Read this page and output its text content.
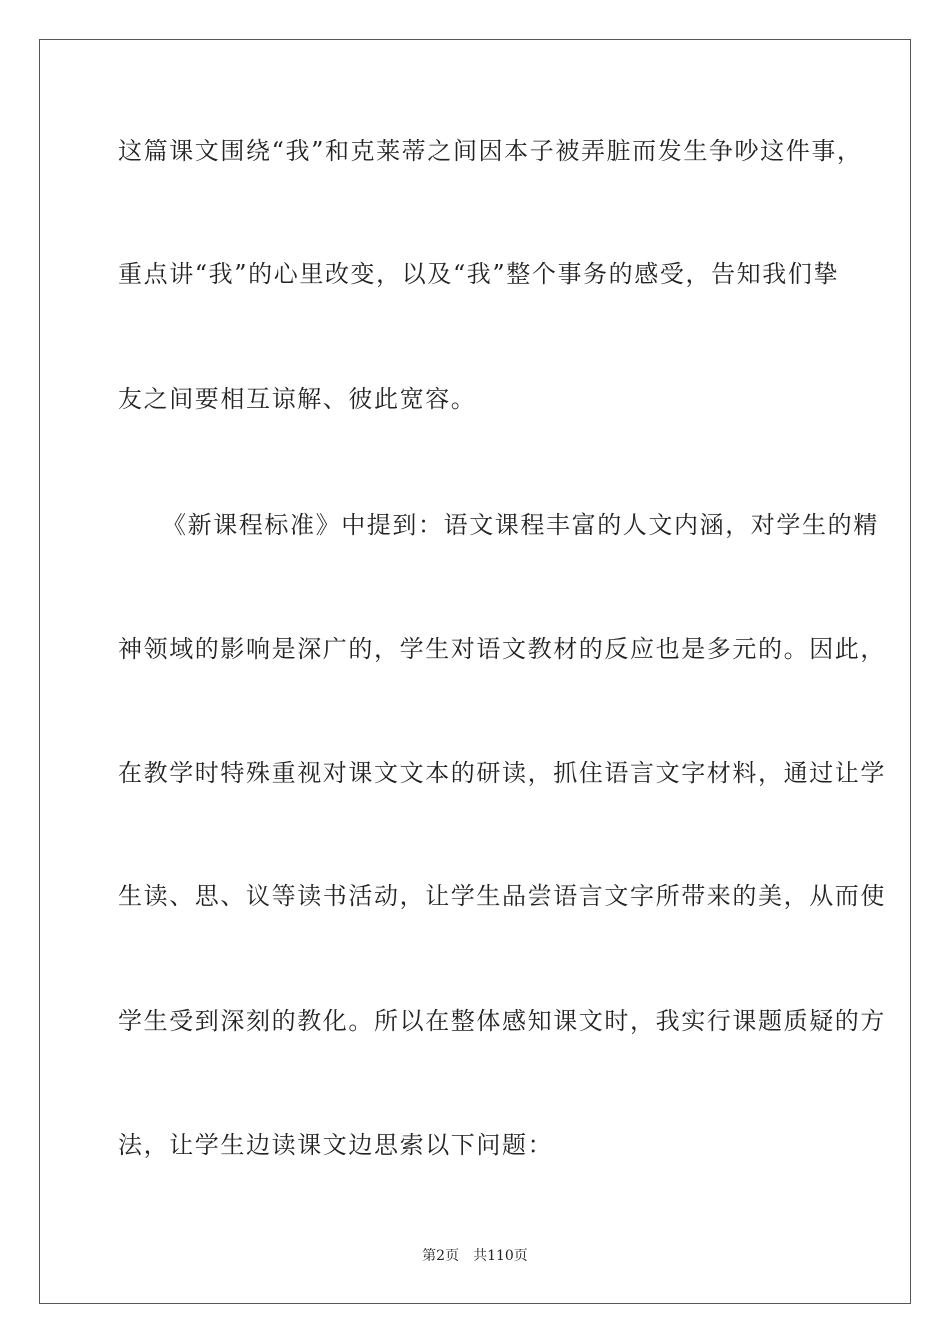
这篇课文围绕“我”和克莱蒂之间因本子被弄脏而发生争吵这件事，
重点讲“我”的心里改变，以及“我”整个事务的感受，告知我们挚
友之间要相互谅解、彼此宽容。
《新课程标准》中提到：语文课程丰富的人文内涵，对学生的精
神领域的影响是深广的，学生对语文教材的反应也是多元的。因此，
在教学时特殊重视对课文文本的研读，抓住语言文字材料，通过让学
生读、思、议等读书活动，让学生品尝语言文字所带来的美，从而使
学生受到深刻的教化。所以在整体感知课文时，我实行课题质疑的方
法，让学生边读课文边思索以下问题：
第2页　共110页
